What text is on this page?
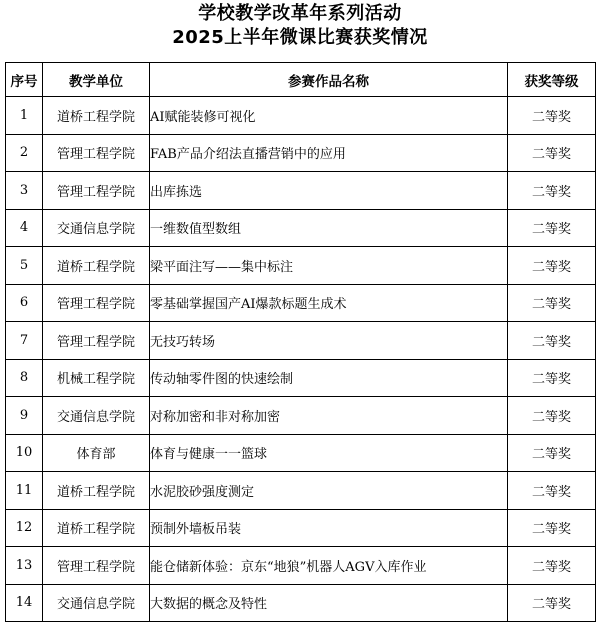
学校教学改革年系列活动
2025上半年微课比赛获奖情况
序号	教学单位	参赛作品名称	获奖等级
1	道桥工程学院	AI赋能装修可视化	二等奖
2	管理工程学院	FAB产品介绍法直播营销中的应用	二等奖
3	管理工程学院	出库拣选	二等奖
4	交通信息学院	一维数值型数组	二等奖
5	道桥工程学院	梁平面注写——集中标注	二等奖
6	管理工程学院	零基础掌握国产AI爆款标题生成术	二等奖
7	管理工程学院	无技巧转场	二等奖
8	机械工程学院	传动轴零件图的快速绘制	二等奖
9	交通信息学院	对称加密和非对称加密	二等奖
10	体育部	体育与健康一一篮球	二等奖
11	道桥工程学院	水泥胶砂强度测定	二等奖
12	道桥工程学院	预制外墙板吊装	二等奖
13	管理工程学院	能仓储新体验：京东“地狼”机器人AGV入库作业	二等奖
14	交通信息学院	大数据的概念及特性	二等奖
